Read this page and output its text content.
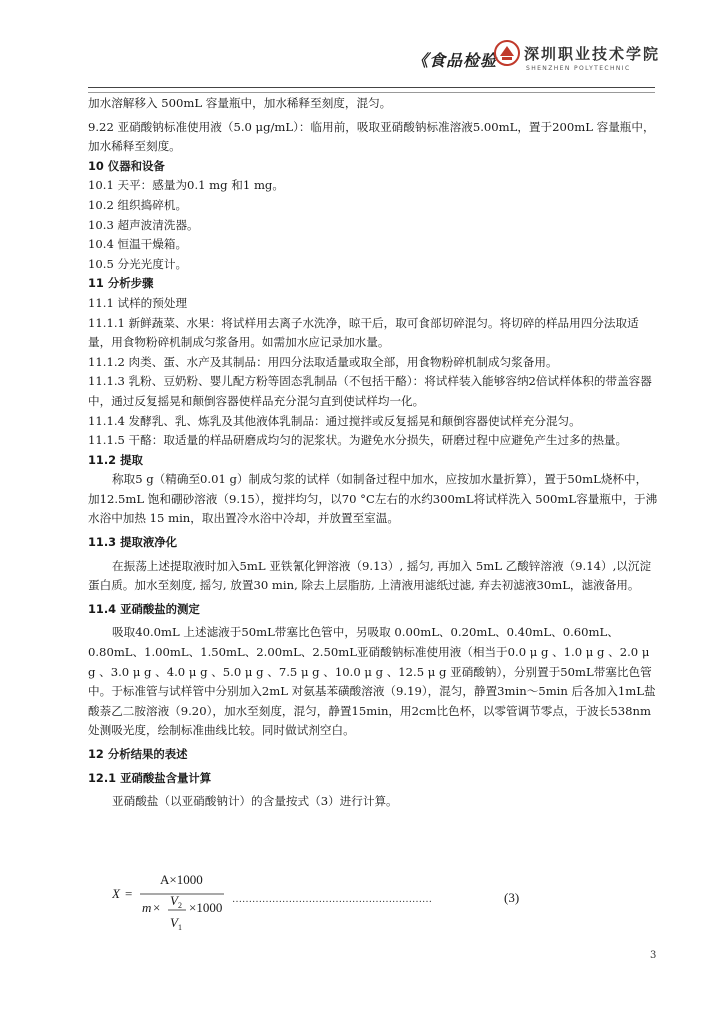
《食品检验 深圳职业技术学院
SHENZHEN POLYTECHNIC

加水溶解移入 500mL 容量瓶中，加水稀释至刻度，混匀。

9.22 亚硝酸钠标准使用液（5.0 μg/mL）：临用前，吸取亚硝酸钠标准溶液5.00mL，置于200mL 容量瓶中，加水稀释至刻度。

10 仪器和设备

10.1 天平：感量为0.1 mg 和1 mg。

10.2 组织捣碎机。

10.3 超声波清洗器。

10.4 恒温干燥箱。

10.5 分光光度计。

11 分析步骤

11.1 试样的预处理

11.1.1 新鲜蔬菜、水果：将试样用去离子水洗净，晾干后，取可食部切碎混匀。将切碎的样品用四分法取适量，用食物粉碎机制成匀浆备用。如需加水应记录加水量。

11.1.2 肉类、蛋、水产及其制品：用四分法取适量或取全部，用食物粉碎机制成匀浆备用。

11.1.3 乳粉、豆奶粉、婴儿配方粉等固态乳制品（不包括干酪）：将试样装入能够容纳2倍试样体积的带盖容器中，通过反复摇晃和颠倒容器使样品充分混匀直到使试样均一化。

11.1.4 发酵乳、乳、炼乳及其他液体乳制品：通过搅拌或反复摇晃和颠倒容器使试样充分混匀。

11.1.5 干酪：取适量的样品研磨成均匀的泥浆状。为避免水分损失，研磨过程中应避免产生过多的热量。

11.2 提取

称取5 g（精确至0.01 g）制成匀浆的试样（如制备过程中加水，应按加水量折算），置于50mL烧杯中，加12.5mL 饱和硼砂溶液（9.15），搅拌均匀，以70 °C左右的水约300mL将试样洗入 500mL容量瓶中，于沸水浴中加热 15 min，取出置冷水浴中冷却，并放置至室温。

11.3 提取液净化

在振荡上述提取液时加入5mL 亚铁氰化钾溶液（9.13）, 摇匀, 再加入 5mL 乙酸锌溶液（9.14）,以沉淀蛋白质。加水至刻度, 摇匀, 放置30 min, 除去上层脂肪, 上清液用滤纸过滤, 弃去初滤液30mL，滤液备用。

11.4 亚硝酸盐的测定

吸取40.0mL 上述滤液于50mL带塞比色管中，另吸取 0.00mL、0.20mL、0.40mL、0.60mL、0.80mL、1.00mL、1.50mL、2.00mL、2.50mL亚硝酸钠标准使用液（相当于0.0 μ g 、1.0 μ g 、2.0 μ g 、3.0 μ g 、4.0 μ g 、5.0 μ g 、7.5 μ g 、10.0 μ g 、12.5 μ g 亚硝酸钠），分别置于50mL带塞比色管中。于标准管与试样管中分别加入2mL 对氨基苯磺酸溶液（9.19），混匀，静置3min～5min 后各加入1mL盐酸萘乙二胺溶液（9.20），加水至刻度，混匀，静置15min，用2cm比色杯，以零管调节零点，于波长538nm处测吸光度，绘制标准曲线比较。同时做试剂空白。

12 分析结果的表述

12.1 亚硝酸盐含量计算

亚硝酸盐（以亚硝酸钠计）的含量按式（3）进行计算。

X =
A×1000
m × V 2
V 1
×1000
……………………………………………………	(3)
3
